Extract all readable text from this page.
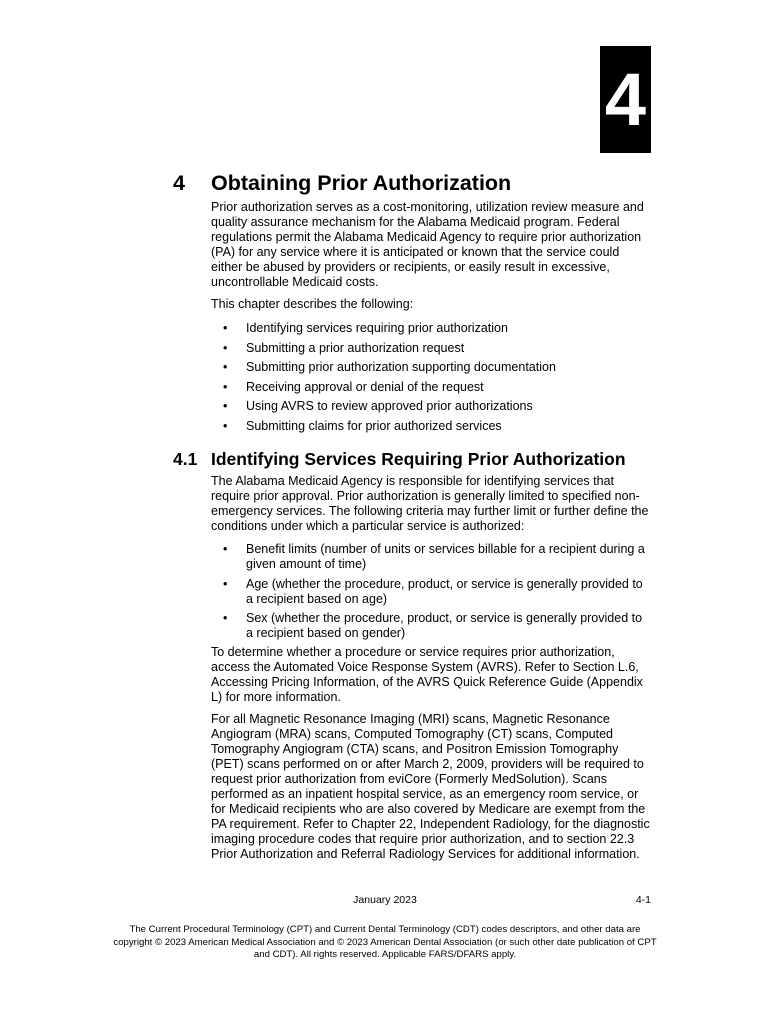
4
4 Obtaining Prior Authorization

Prior authorization serves as a cost-monitoring, utilization review measure and quality assurance mechanism for the Alabama Medicaid program. Federal regulations permit the Alabama Medicaid Agency to require prior authorization (PA) for any service where it is anticipated or known that the service could either be abused by providers or recipients, or easily result in excessive, uncontrollable Medicaid costs.

This chapter describes the following:

• Identifying services requiring prior authorization
• Submitting a prior authorization request
• Submitting prior authorization supporting documentation
• Receiving approval or denial of the request
• Using AVRS to review approved prior authorizations
• Submitting claims for prior authorized services
4.1 Identifying Services Requiring Prior Authorization

The Alabama Medicaid Agency is responsible for identifying services that require prior approval. Prior authorization is generally limited to specified non-emergency services. The following criteria may further limit or further define the conditions under which a particular service is authorized:

• Benefit limits (number of units or services billable for a recipient during a given amount of time)
• Age (whether the procedure, product, or service is generally provided to a recipient based on age)
• Sex (whether the procedure, product, or service is generally provided to a recipient based on gender)

To determine whether a procedure or service requires prior authorization, access the Automated Voice Response System (AVRS). Refer to Section L.6, Accessing Pricing Information, of the AVRS Quick Reference Guide (Appendix L) for more information.

For all Magnetic Resonance Imaging (MRI) scans, Magnetic Resonance Angiogram (MRA) scans, Computed Tomography (CT) scans, Computed Tomography Angiogram (CTA) scans, and Positron Emission Tomography (PET) scans performed on or after March 2, 2009, providers will be required to request prior authorization from eviCore (Formerly MedSolution). Scans performed as an inpatient hospital service, as an emergency room service, or for Medicaid recipients who are also covered by Medicare are exempt from the PA requirement. Refer to Chapter 22, Independent Radiology, for the diagnostic imaging procedure codes that require prior authorization, and to section 22.3 Prior Authorization and Referral Radiology Services for additional information.

January 2023	4-1
The Current Procedural Terminology (CPT) and Current Dental Terminology (CDT) codes descriptors, and other data are copyright © 2023 American Medical Association and © 2023 American Dental Association (or such other date publication of CPT and CDT). All rights reserved. Applicable FARS/DFARS apply.
